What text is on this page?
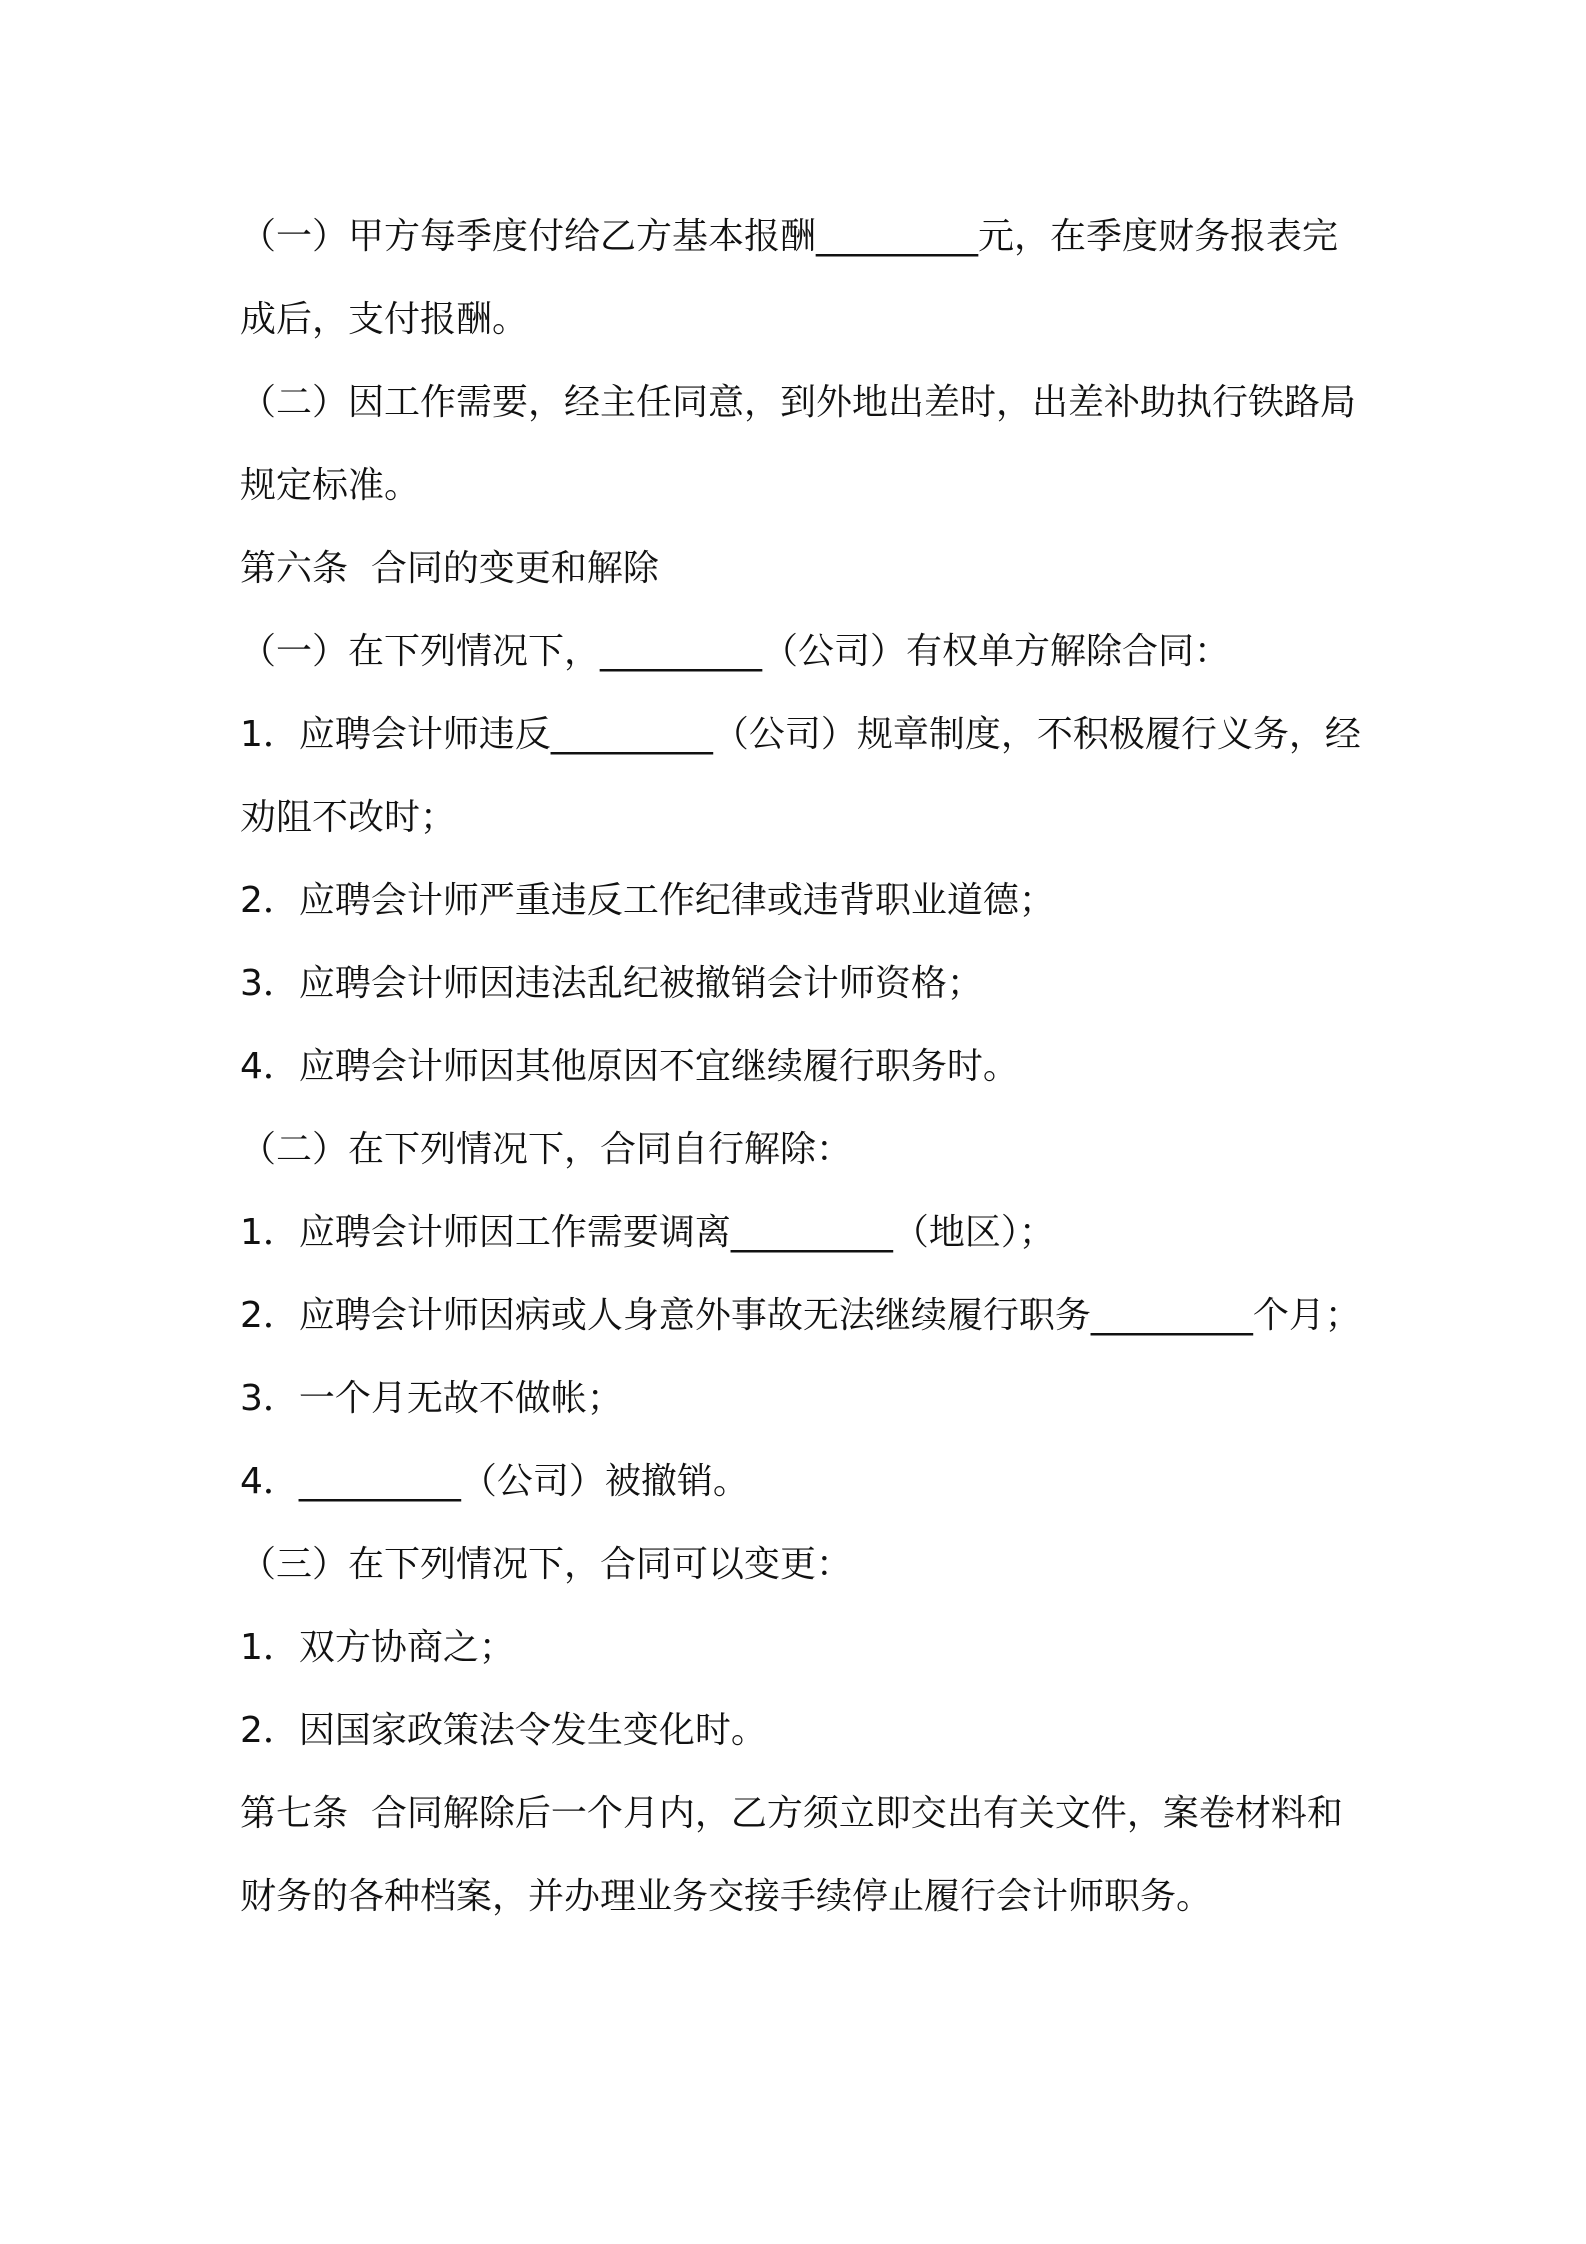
（一）甲方每季度付给乙方基本报酬_________元，在季度财务报表完成后，支付报酬。

（二）因工作需要，经主任同意，到外地出差时，出差补助执行铁路局规定标准。

第六条  合同的变更和解除

（一）在下列情况下，_________（公司）有权单方解除合同：

1．应聘会计师违反_________（公司）规章制度，不积极履行义务，经劝阻不改时；

2．应聘会计师严重违反工作纪律或违背职业道德；

3．应聘会计师因违法乱纪被撤销会计师资格；

4．应聘会计师因其他原因不宜继续履行职务时。

（二）在下列情况下，合同自行解除：

1．应聘会计师因工作需要调离_________（地区）；

2．应聘会计师因病或人身意外事故无法继续履行职务_________个月；

3．一个月无故不做帐；

4．_________（公司）被撤销。

（三）在下列情况下，合同可以变更：

1．双方协商之；

2．因国家政策法令发生变化时。

第七条  合同解除后一个月内，乙方须立即交出有关文件，案卷材料和财务的各种档案，并办理业务交接手续停止履行会计师职务。
